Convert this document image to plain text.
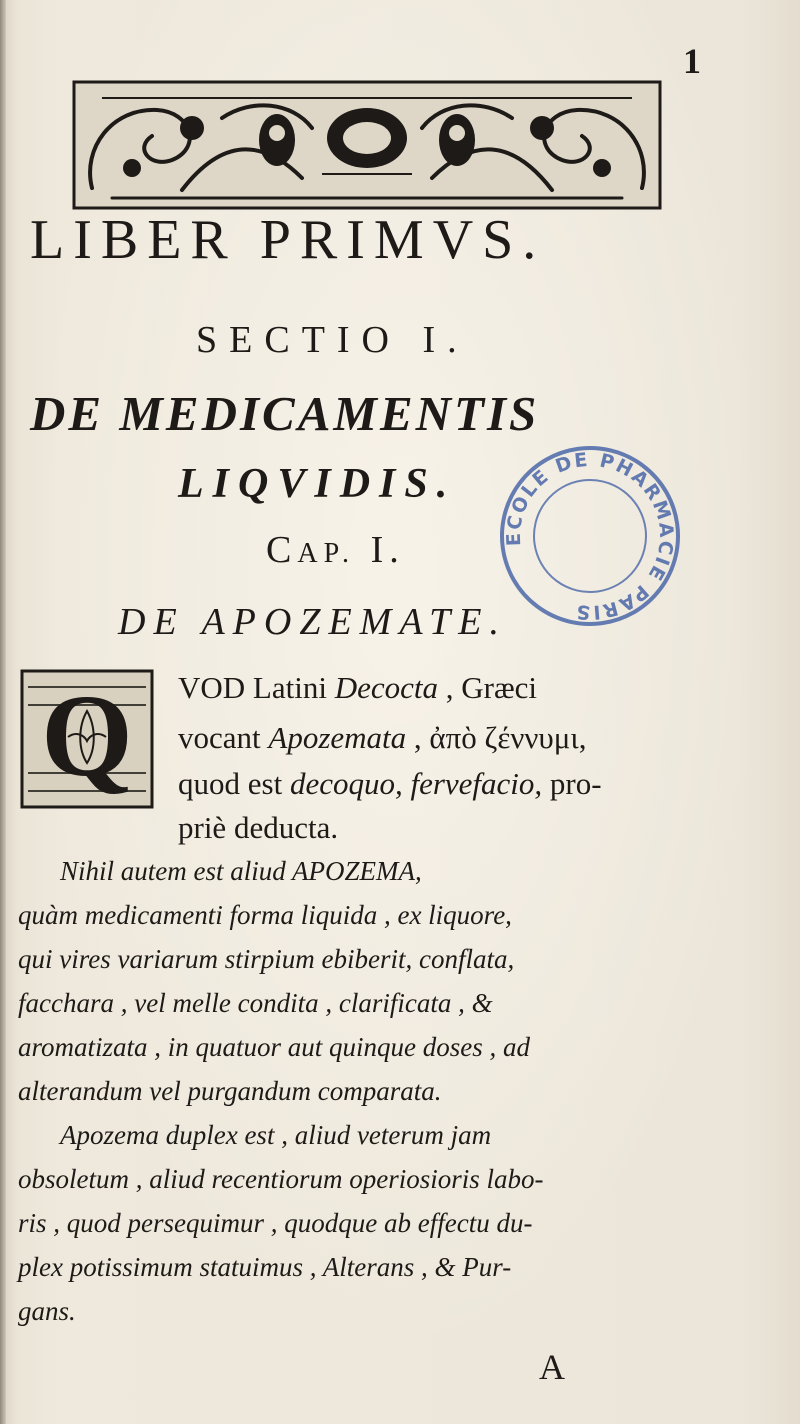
1
LIBER PRIMVS.
SECTIO I.
DE MEDICAMENTIS
LIQVIDIS.
CAP. I.
DE APOZEMATE.
ECOLE DE PHARMACIE PARIS
Q VOD Latini Decocta , Græci
vocant Apozemata , ἀπὸ ζέννυμι,
quod est decoquo, fervefacio, pro-
priè deducta.
Nihil autem est aliud APOZEMA,
quàm medicamenti forma liquida , ex liquore,
qui vires variarum stirpium ebiberit, conflata,
facchara , vel melle condita , clarificata , &
aromatizata , in quatuor aut quinque doses , ad
alterandum vel purgandum comparata.
Apozema duplex est , aliud veterum jam
obsoletum , aliud recentiorum operiosioris labo-
ris , quod persequimur , quodque ab effectu du-
plex potissimum statuimus , Alterans , & Pur-
gans.
A
